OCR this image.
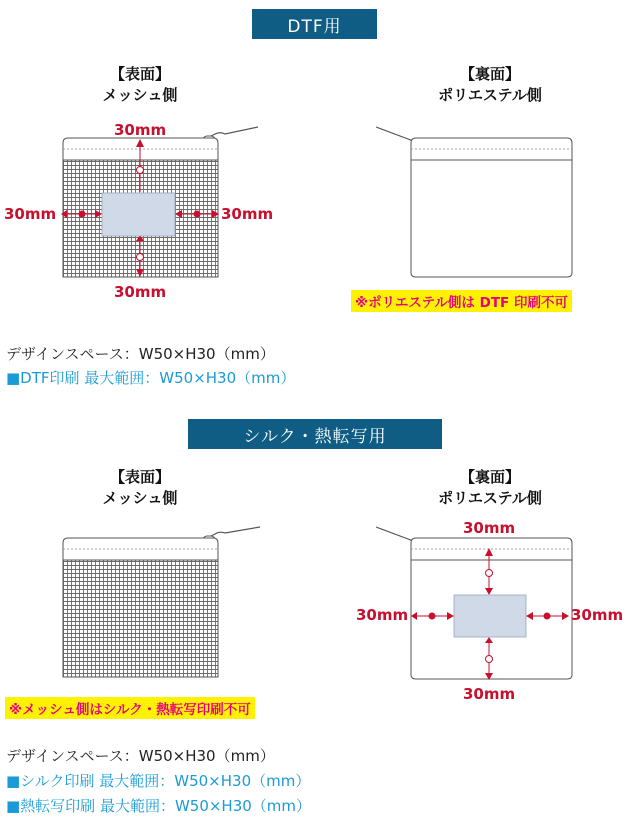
DTF用
【表面】
メッシュ側
【裏面】
ポリエステル側
30mm
30mm
30mm	30mm
※ポリエステル側は DTF 印刷不可
デザインスペース：W50×H30（mm）
■DTF印刷 最大範囲：W50×H30（mm）
シルク・熱転写用
【表面】
メッシュ側
【裏面】
ポリエステル側
※メッシュ側はシルク・熱転写印刷不可
30mm
30mm
30mm	30mm
デザインスペース：W50×H30（mm）
■シルク印刷 最大範囲：W50×H30（mm）
■熱転写印刷 最大範囲：W50×H30（mm）
